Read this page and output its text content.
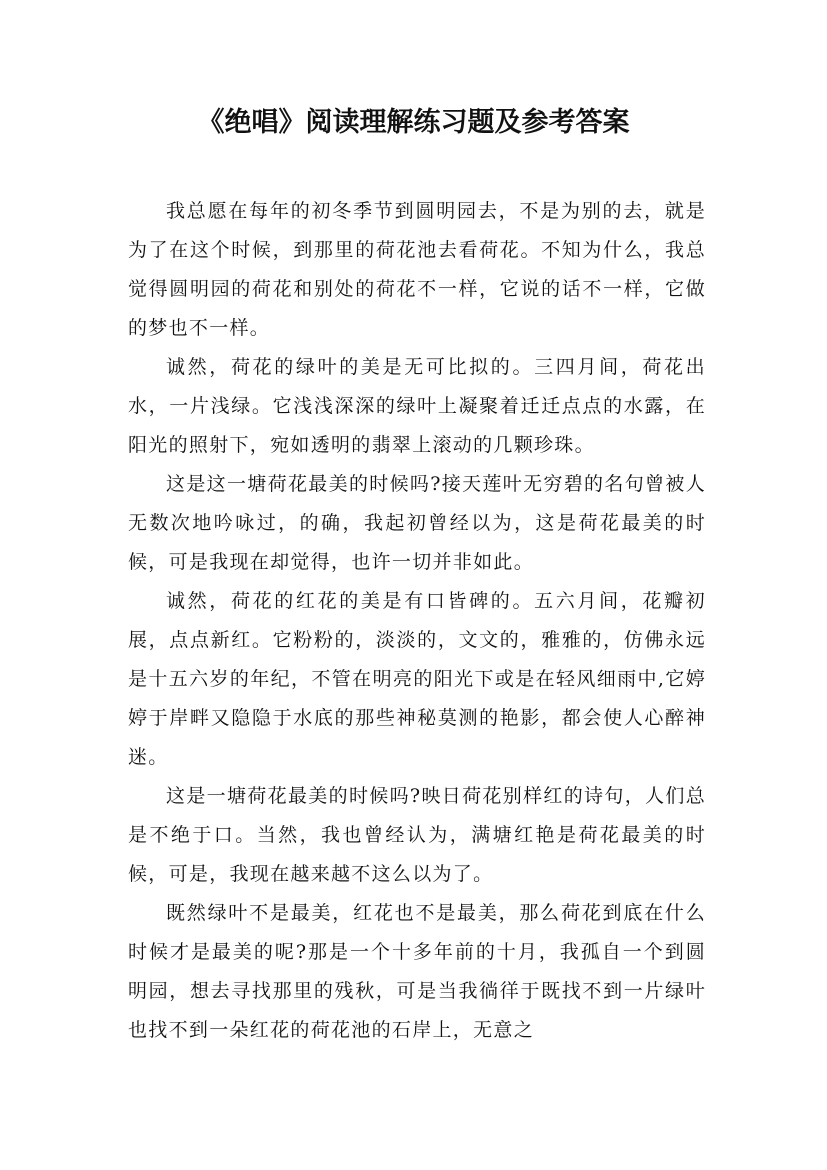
《绝唱》阅读理解练习题及参考答案

我总愿在每年的初冬季节到圆明园去，不是为别的去，就是为了在这个时候，到那里的荷花池去看荷花。不知为什么，我总觉得圆明园的荷花和别处的荷花不一样，它说的话不一样，它做的梦也不一样。

诚然，荷花的绿叶的美是无可比拟的。三四月间，荷花出水，一片浅绿。它浅浅深深的绿叶上凝聚着迁迁点点的水露，在阳光的照射下，宛如透明的翡翠上滚动的几颗珍珠。

这是这一塘荷花最美的时候吗?接天莲叶无穷碧的名句曾被人无数次地吟咏过，的确，我起初曾经以为，这是荷花最美的时候，可是我现在却觉得，也许一切并非如此。

诚然，荷花的红花的美是有口皆碑的。五六月间，花瓣初展，点点新红。它粉粉的，淡淡的，文文的，雅雅的，仿佛永远是十五六岁的年纪，不管在明亮的阳光下或是在轻风细雨中,它婷婷于岸畔又隐隐于水底的那些神秘莫测的艳影，都会使人心醉神迷。

这是一塘荷花最美的时候吗?映日荷花别样红的诗句，人们总是不绝于口。当然，我也曾经认为，满塘红艳是荷花最美的时候，可是，我现在越来越不这么以为了。

既然绿叶不是最美，红花也不是最美，那么荷花到底在什么时候才是最美的呢?那是一个十多年前的十月，我孤自一个到圆明园，想去寻找那里的残秋，可是当我徜徉于既找不到一片绿叶也找不到一朵红花的荷花池的石岸上，无意之
